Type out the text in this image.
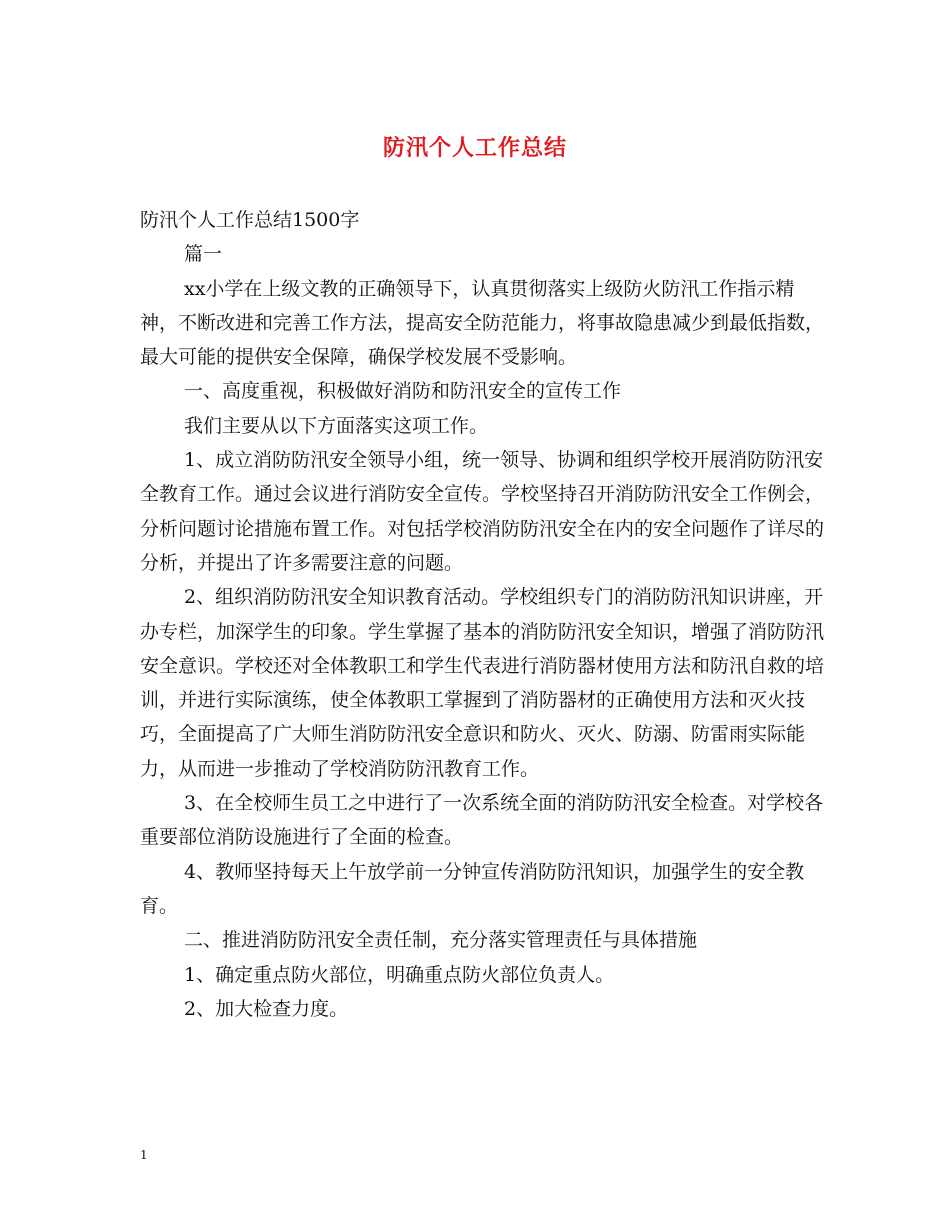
防汛个人工作总结

防汛个人工作总结1500字

篇一

xx小学在上级文教的正确领导下，认真贯彻落实上级防火防汛工作指示精神，不断改进和完善工作方法，提高安全防范能力，将事故隐患减少到最低指数，最大可能的提供安全保障，确保学校发展不受影响。

一、高度重视，积极做好消防和防汛安全的宣传工作

我们主要从以下方面落实这项工作。

1、成立消防防汛安全领导小组，统一领导、协调和组织学校开展消防防汛安全教育工作。通过会议进行消防安全宣传。学校坚持召开消防防汛安全工作例会，分析问题讨论措施布置工作。对包括学校消防防汛安全在内的安全问题作了详尽的分析，并提出了许多需要注意的问题。

2、组织消防防汛安全知识教育活动。学校组织专门的消防防汛知识讲座，开办专栏，加深学生的印象。学生掌握了基本的消防防汛安全知识，增强了消防防汛安全意识。学校还对全体教职工和学生代表进行消防器材使用方法和防汛自救的培训，并进行实际演练，使全体教职工掌握到了消防器材的正确使用方法和灭火技巧，全面提高了广大师生消防防汛安全意识和防火、灭火、防溺、防雷雨实际能力，从而进一步推动了学校消防防汛教育工作。

3、在全校师生员工之中进行了一次系统全面的消防防汛安全检查。对学校各重要部位消防设施进行了全面的检查。

4、教师坚持每天上午放学前一分钟宣传消防防汛知识，加强学生的安全教育。

二、推进消防防汛安全责任制，充分落实管理责任与具体措施

1、确定重点防火部位，明确重点防火部位负责人。

2、加大检查力度。

1
